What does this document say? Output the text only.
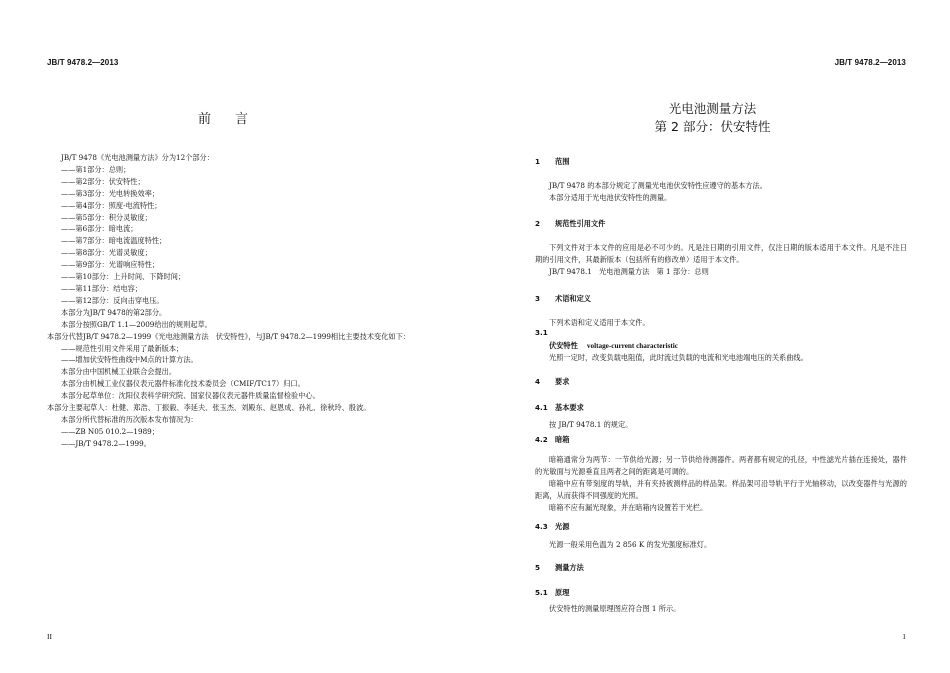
JB/T 9478.2—2013
前言
JB/T 9478《光电池测量方法》分为12个部分：
——第1部分：总则；
——第2部分：伏安特性；
——第3部分：光电转换效率；
——第4部分：照度-电流特性；
——第5部分：积分灵敏度；
——第6部分：暗电流；
——第7部分：暗电流温度特性；
——第8部分：光谱灵敏度；
——第9部分：光谱响应特性；
——第10部分：上升时间、下降时间；
——第11部分：结电容；
——第12部分：反向击穿电压。
本部分为JB/T 9478的第2部分。
本部分按照GB/T 1.1—2009给出的规则起草。
本部分代替JB/T 9478.2—1999《光电池测量方法　伏安特性》，与JB/T 9478.2—1999相比主要技术变化如下：
——规范性引用文件采用了最新版本；
——增加伏安特性曲线中M点的计算方法。
本部分由中国机械工业联合会提出。
本部分由机械工业仪器仪表元器件标准化技术委员会（CMIF/TC17）归口。
本部分起草单位：沈阳仪表科学研究院、国家仪器仪表元器件质量监督检验中心。
本部分主要起草人：杜健、郑浩、丁振毅、李延夫、张玉杰、刘殿东、赵恩成、孙礼、徐秋玲、殷波。
本部分所代替标准的历次版本发布情况为：
——ZB N05 010.2—1989；
——JB/T 9478.2—1999。
II
JB/T 9478.2—2013
光电池测量方法
第 2 部分：伏安特性
1
1 范围
JB/T 9478 的本部分规定了测量光电池伏安特性应遵守的基本方法。
本部分适用于光电池伏安特性的测量。
2 规范性引用文件
下列文件对于本文件的应用是必不可少的。凡是注日期的引用文件，仅注日期的版本适用于本文件。凡是不注日期的引用文件，其最新版本（包括所有的修改单）适用于本文件。
JB/T 9478.1　光电池测量方法　第 1 部分：总则
3 术语和定义
下列术语和定义适用于本文件。
3.1
伏安特性 voltage-current characteristic
光照一定时，改变负载电阻值，此时流过负载的电流和光电池端电压的关系曲线。
4 要求
4.1 基本要求
按 JB/T 9478.1 的规定。
4.2 暗箱
暗箱通常分为两节：一节供给光源；另一节供给待测器件。两者都有规定的孔径，中性滤光片插在连接处，器件的光敏面与光源垂直且两者之间的距离是可调的。
暗箱中应有带刻度的导轨，并有夹持被测样品的样品架。样品架可沿导轨平行于光轴移动，以改变器件与光源的距离，从而获得不同强度的光照。
暗箱不应有漏光现象，并在暗箱内设置若干光栏。
4.3 光源
光源一般采用色温为 2 856 K 的发光强度标准灯。
5 测量方法
5.1 原理
伏安特性的测量原理图应符合图 1 所示。
